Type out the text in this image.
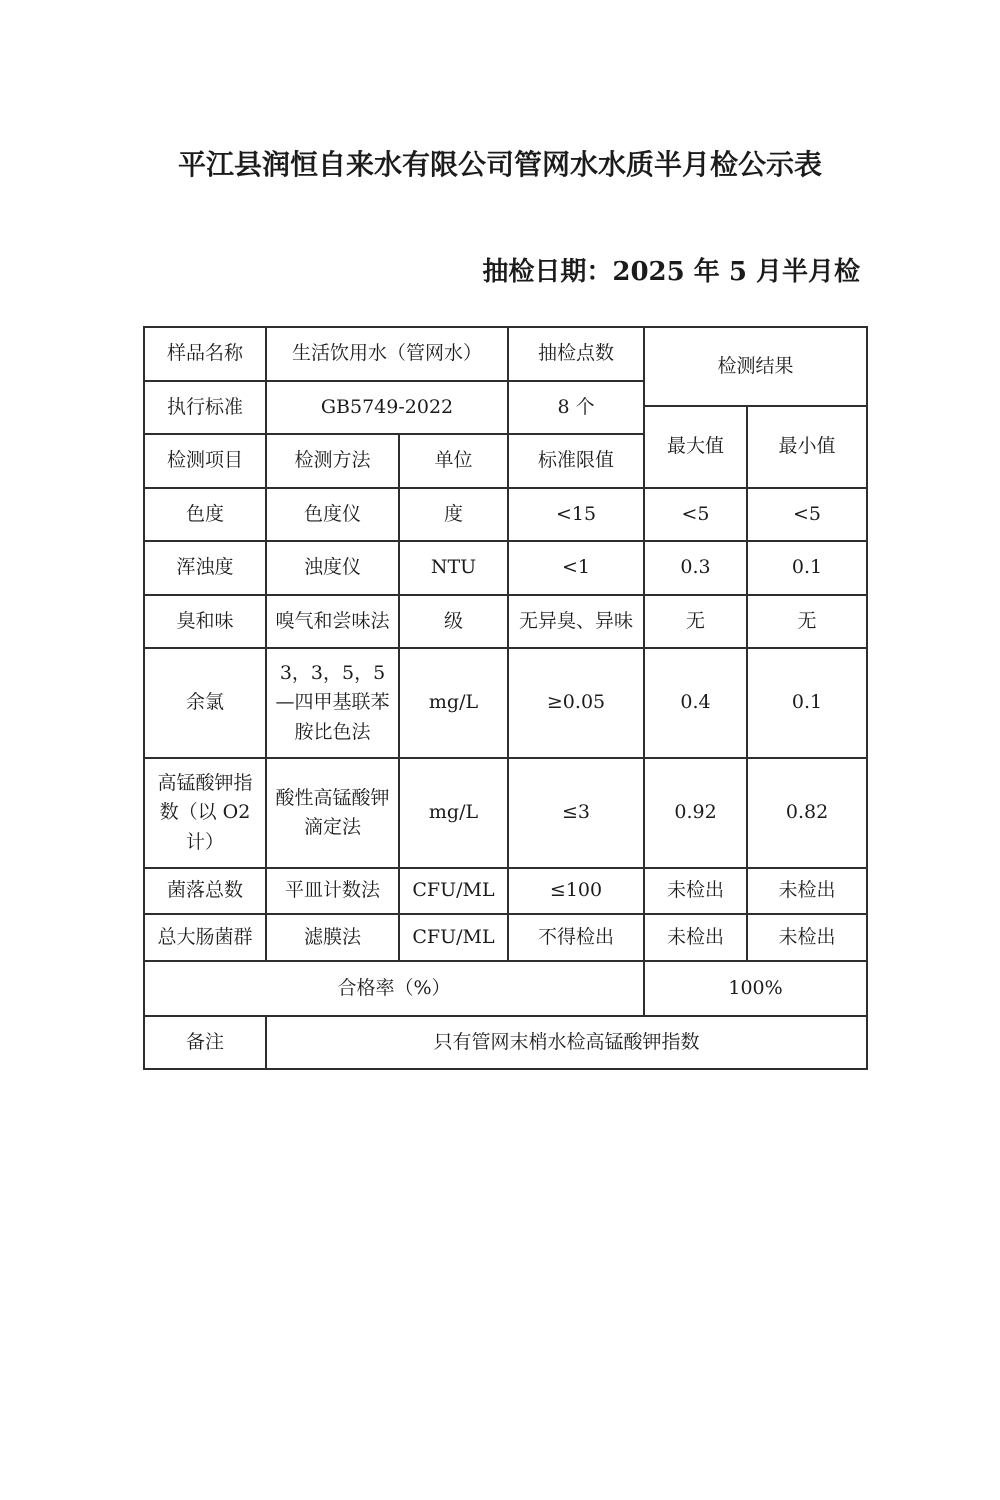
平江县润恒自来水有限公司管网水水质半月检公示表
抽检日期：2025 年 5 月半月检
样品名称	生活饮用水（管网水）		抽检点数	检测结果	
执行标准	GB5749-2022		8 个		
				最大值	最小值
检测项目	检测方法	单位	标准限值		
色度	色度仪	度	<15	<5	<5
浑浊度	浊度仪	NTU	<1	0.3	0.1
臭和味	嗅气和尝味法	级	无异臭、异味	无	无
余氯	3，3，5，5—四甲基联苯胺比色法	mg/L	≥0.05	0.4	0.1
高锰酸钾指数（以 O2 计）	酸性高锰酸钾滴定法	mg/L	≤3	0.92	0.82
菌落总数	平皿计数法	CFU/ML	≤100	未检出	未检出
总大肠菌群	滤膜法	CFU/ML	不得检出	未检出	未检出
合格率（%）				100%	
备注	只有管网末梢水检高锰酸钾指数				
